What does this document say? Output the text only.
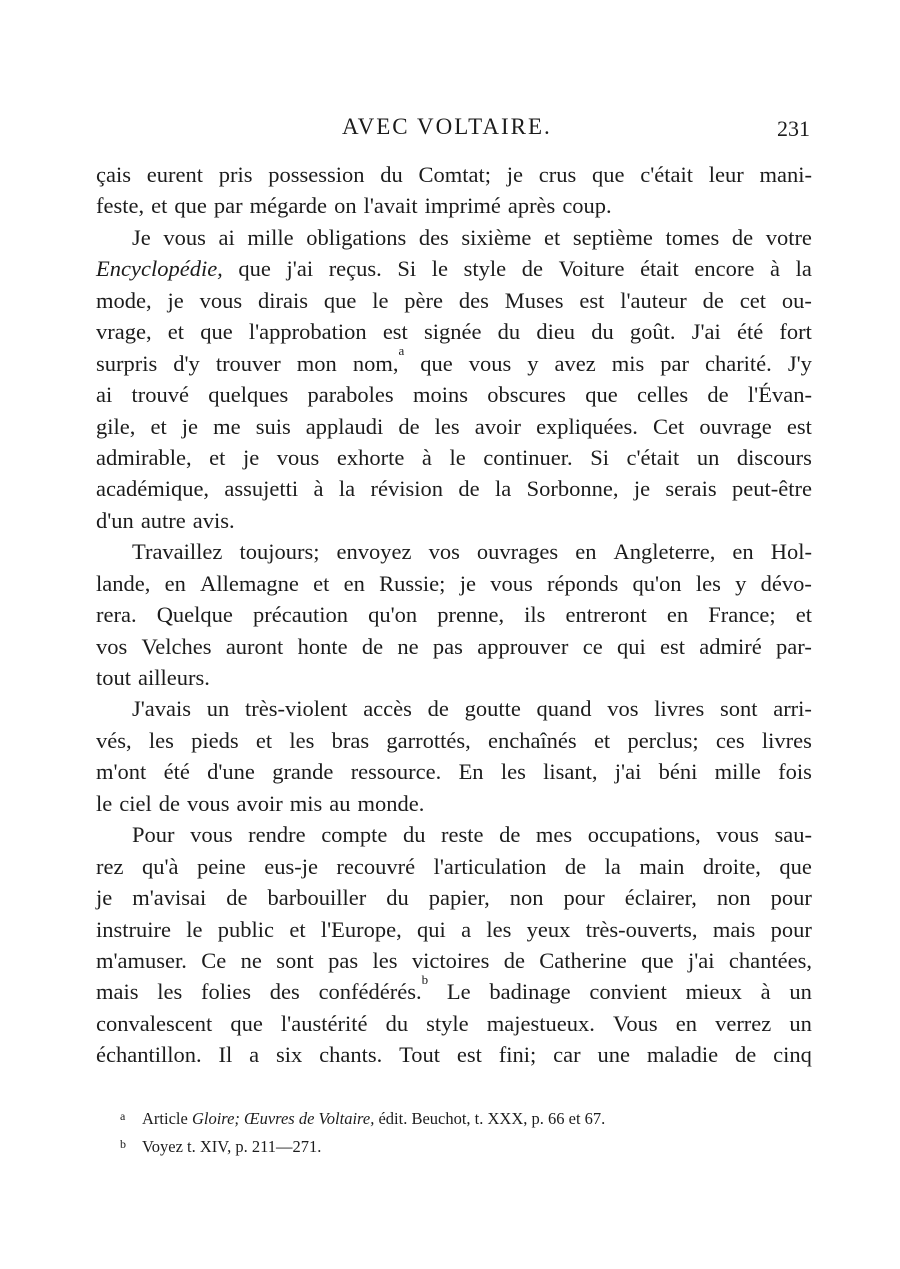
AVEC VOLTAIRE.	231
çais eurent pris possession du Comtat; je crus que c'était leur mani-
feste, et que par mégarde on l'avait imprimé après coup.
Je vous ai mille obligations des sixième et septième tomes de votre
Encyclopédie, que j'ai reçus. Si le style de Voiture était encore à la
mode, je vous dirais que le père des Muses est l'auteur de cet ou-
vrage, et que l'approbation est signée du dieu du goût. J'ai été fort
surpris d'y trouver mon nom,$^a$ que vous y avez mis par charité. J'y
ai trouvé quelques paraboles moins obscures que celles de l'Évan-
gile, et je me suis applaudi de les avoir expliquées. Cet ouvrage est
admirable, et je vous exhorte à le continuer. Si c'était un discours
académique, assujetti à la révision de la Sorbonne, je serais peut-être
d'un autre avis.
Travaillez toujours; envoyez vos ouvrages en Angleterre, en Hol-
lande, en Allemagne et en Russie; je vous réponds qu'on les y dévo-
rera. Quelque précaution qu'on prenne, ils entreront en France; et
vos Velches auront honte de ne pas approuver ce qui est admiré par-
tout ailleurs.
J'avais un très-violent accès de goutte quand vos livres sont arri-
vés, les pieds et les bras garrottés, enchaînés et perclus; ces livres
m'ont été d'une grande ressource. En les lisant, j'ai béni mille fois
le ciel de vous avoir mis au monde.
Pour vous rendre compte du reste de mes occupations, vous sau-
rez qu'à peine eus-je recouvré l'articulation de la main droite, que
je m'avisai de barbouiller du papier, non pour éclairer, non pour
instruire le public et l'Europe, qui a les yeux très-ouverts, mais pour
m'amuser. Ce ne sont pas les victoires de Catherine que j'ai chantées,
mais les folies des confédérés.$^b$ Le badinage convient mieux à un
convalescent que l'austérité du style majestueux. Vous en verrez un
échantillon. Il a six chants. Tout est fini; car une maladie de cinq
a	Article Gloire; Œuvres de Voltaire, édit. Beuchot, t. XXX, p. 66 et 67.
b Voyez t. XIV, p. 211—271.
